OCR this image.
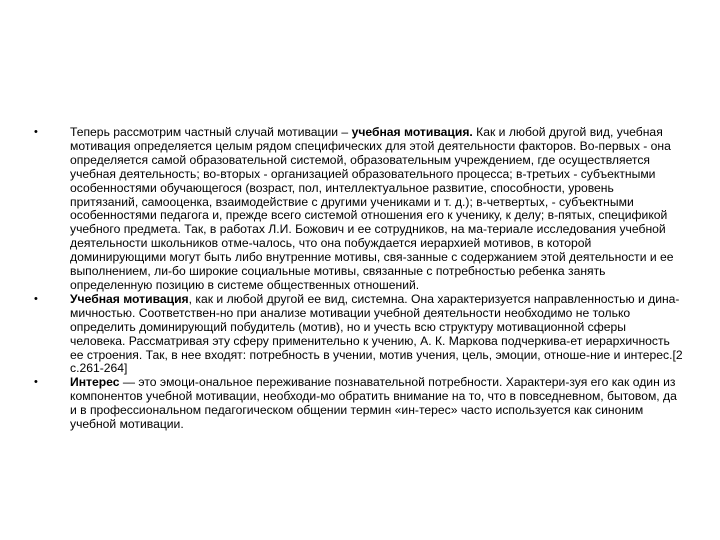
•	Теперь рассмотрим частный случай мотивации – учебная мотивация. Как и любой другой вид, учебная мотивация определяется целым рядом специфических для этой деятельности факторов. Во-первых - она определяется самой образовательной системой, образовательным учреждением, где осуществляется учебная деятельность; во-вторых - организацией образовательного процесса; в-третьих - субъектными особенностями обучающегося (возраст, пол, интеллектуальное развитие, способности, уровень притязаний, самооценка, взаимодействие с другими учениками и т. д.); в-четвертых, - субъектными особенностями педагога и, прежде всего системой отношения его к ученику, к делу; в-пятых, спецификой учебного предмета. Так, в работах Л.И. Божович и ее сотрудников, на ма-териале исследования учебной деятельности школьников отме-чалось, что она побуждается иерархией мотивов, в которой доминирующими могут быть либо внутренние мотивы, свя-занные с содержанием этой деятельности и ее выполнением, ли-бо широкие социальные мотивы, связанные с потребностью ребенка занять определенную позицию в системе общественных отношений.
•	Учебная мотивация, как и любой другой ее вид, системна. Она характеризуется направленностью и дина-мичностью. Соответствен-но при анализе мотивации учебной деятельности необходимо не только определить доминирующий побудитель (мотив), но и учесть всю структуру мотивационной сферы человека. Рассматривая эту сферу применительно к учению, А. К. Маркова подчеркива-ет иерархичность ее строения. Так, в нее входят: потребность в учении, мотив учения, цель, эмоции, отноше-ние и интерес.[2 с.261-264]
•	Интерес — это эмоци-ональное переживание познавательной потребности. Характери-зуя его как один из компонентов учебной мотивации, необходи-мо обратить внимание на то, что в повседневном, бытовом, да и в профессиональном педагогическом общении термин «ин-терес» часто используется как синоним учебной мотивации.
